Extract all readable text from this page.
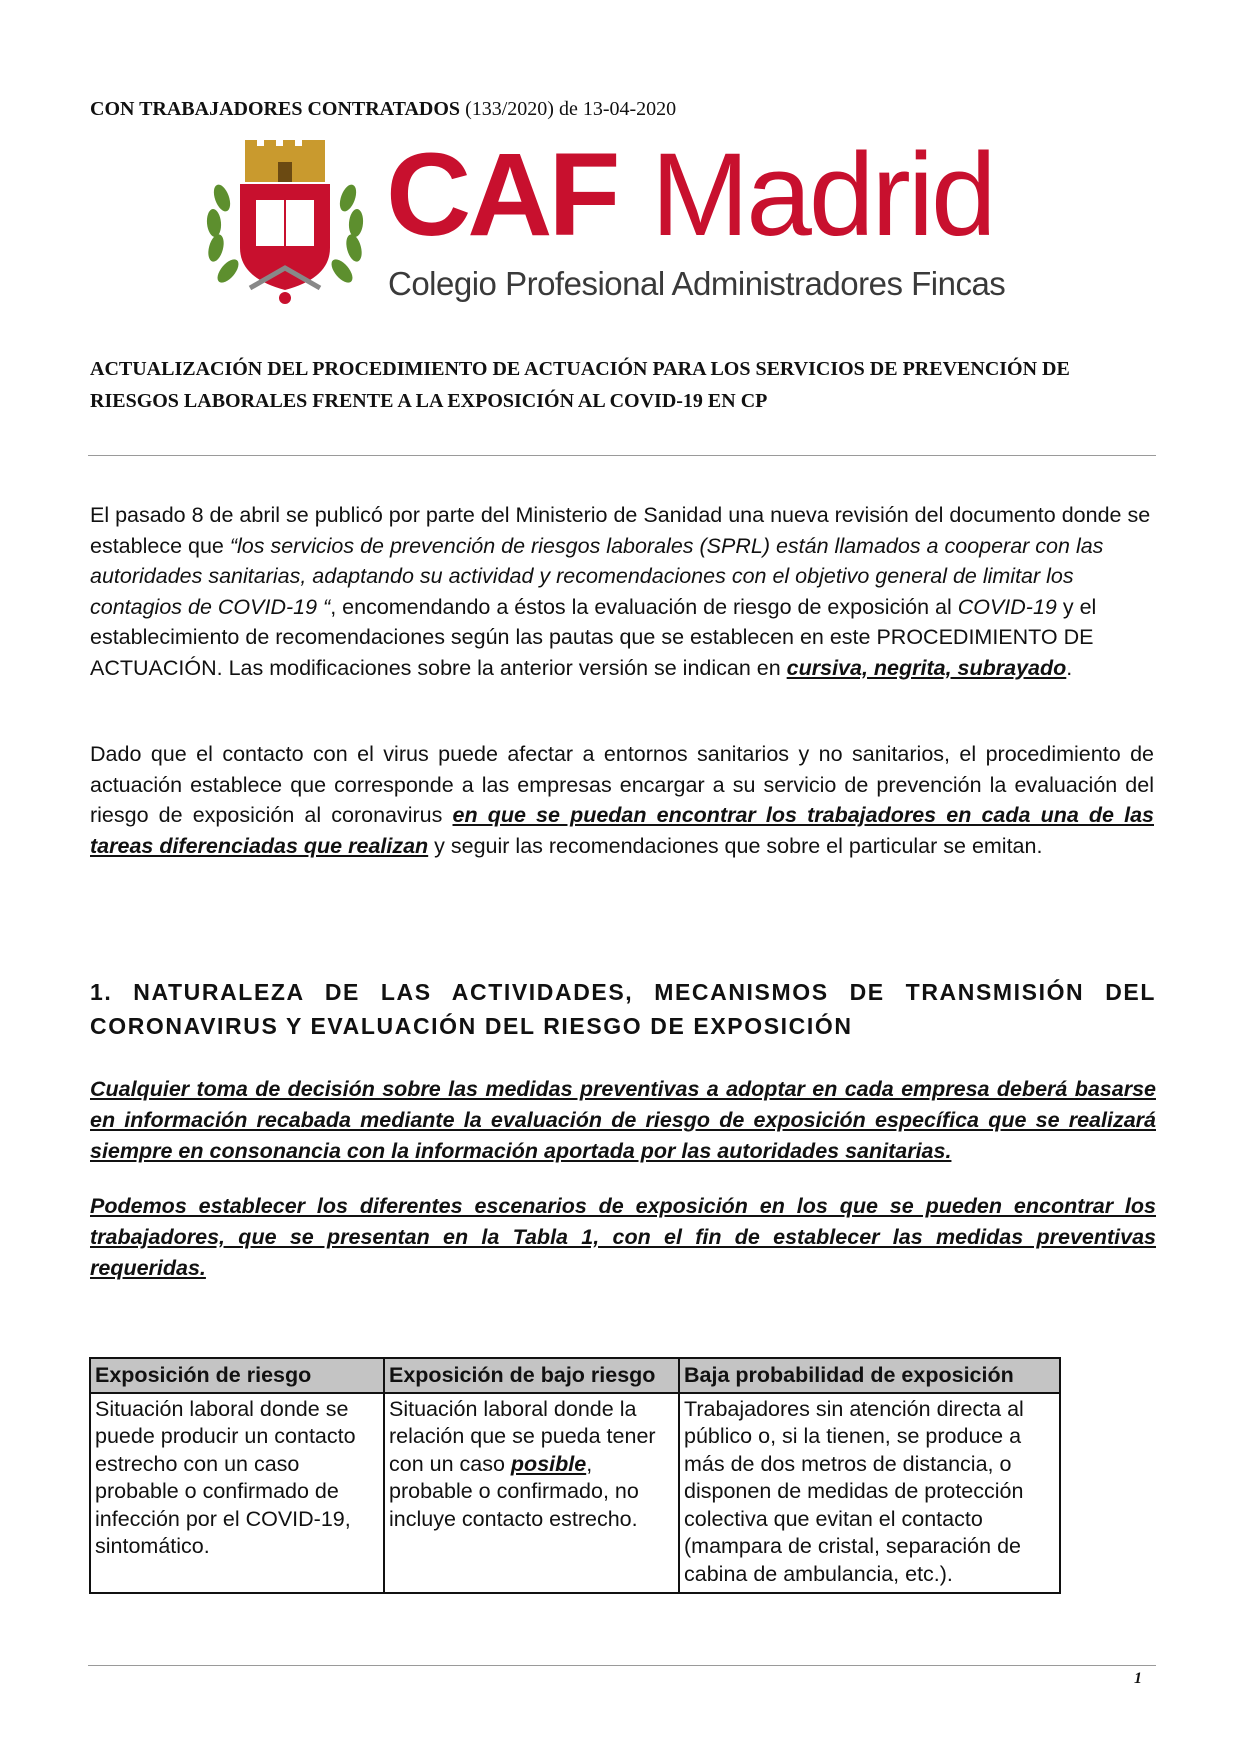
CON TRABAJADORES CONTRATADOS (133/2020) de 13-04-2020
CAF Madrid
Colegio Profesional Administradores Fincas
ACTUALIZACIÓN DEL PROCEDIMIENTO DE ACTUACIÓN PARA LOS SERVICIOS DE PREVENCIÓN DE RIESGOS LABORALES FRENTE A LA EXPOSICIÓN AL COVID-19 EN CP
El pasado 8 de abril se publicó por parte del Ministerio de Sanidad una nueva revisión del documento donde se establece que “los servicios de prevención de riesgos laborales (SPRL) están llamados a cooperar con las autoridades sanitarias, adaptando su actividad y recomendaciones con el objetivo general de limitar los contagios de COVID-19 “, encomendando a éstos la evaluación de riesgo de exposición al COVID-19 y el establecimiento de recomendaciones según las pautas que se establecen en este PROCEDIMIENTO DE ACTUACIÓN. Las modificaciones sobre la anterior versión se indican en cursiva, negrita, subrayado.
Dado que el contacto con el virus puede afectar a entornos sanitarios y no sanitarios, el procedimiento de actuación establece que corresponde a las empresas encargar a su servicio de prevención la evaluación del riesgo de exposición al coronavirus en que se puedan encontrar los trabajadores en cada una de las tareas diferenciadas que realizan y seguir las recomendaciones que sobre el particular se emitan.
1. NATURALEZA DE LAS ACTIVIDADES, MECANISMOS DE TRANSMISIÓN DEL CORONAVIRUS Y EVALUACIÓN DEL RIESGO DE EXPOSICIÓN
Cualquier toma de decisión sobre las medidas preventivas a adoptar en cada empresa deberá basarse en información recabada mediante la evaluación de riesgo de exposición específica que se realizará siempre en consonancia con la información aportada por las autoridades sanitarias.
Podemos establecer los diferentes escenarios de exposición en los que se pueden encontrar los trabajadores, que se presentan en la Tabla 1, con el fin de establecer las medidas preventivas requeridas.
Exposición de riesgo	Exposición de bajo riesgo	Baja probabilidad de exposición
Situación laboral donde se puede producir un contacto estrecho con un caso probable o confirmado de infección por el COVID-19, sintomático.	Situación laboral donde la relación que se pueda tener con un caso posible, probable o confirmado, no incluye contacto estrecho.	Trabajadores sin atención directa al público o, si la tienen, se produce a más de dos metros de distancia, o disponen de medidas de protección colectiva que evitan el contacto (mampara de cristal, separación de cabina de ambulancia, etc.).
1
